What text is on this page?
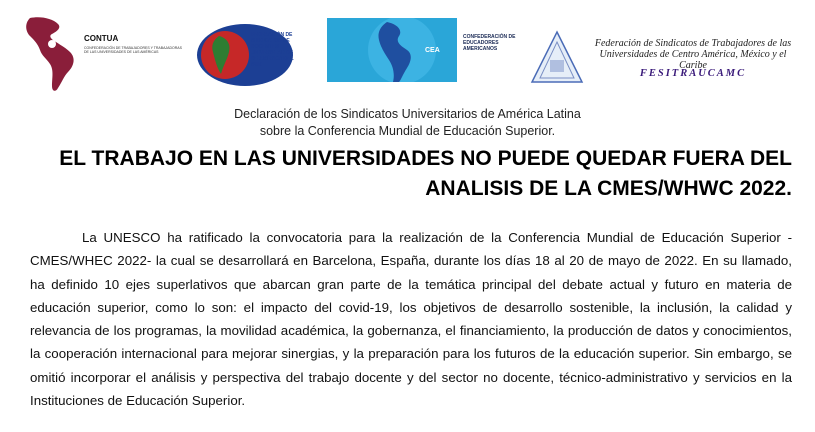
CONTUA
CONFEDERACIÓN DE TRABAJADORES Y TRABAJADORAS DE LAS UNIVERSIDADES DE LAS AMÉRICAS
FEDERACIÓN DE SINDICATOS DE DOCENTES UNIVERSITARIOS DE AMÉRICA DEL SUR
CEA
CONFEDERACIÓN DE EDUCADORES AMERICANOS	Federación de Sindicatos de Trabajadores de las Universidades de Centro América, México y el Caribe
FESITRAUCAMC
Declaración de los Sindicatos Universitarios de América Latina
sobre la Conferencia Mundial de Educación Superior.
EL TRABAJO EN LAS UNIVERSIDADES NO PUEDE QUEDAR FUERA DEL
ANALISIS DE LA CMES/WHWC 2022.
La UNESCO ha ratificado la convocatoria para la realización de la Conferencia Mundial de Educación Superior -CMES/WHEC 2022- la cual se desarrollará en Barcelona, España, durante los días 18 al 20 de mayo de 2022. En su llamado, ha definido 10 ejes superlativos que abarcan gran parte de la temática principal del debate actual y futuro en materia de educación superior, como lo son: el impacto del covid-19, los objetivos de desarrollo sostenible, la inclusión, la calidad y relevancia de los programas, la movilidad académica, la gobernanza, el financiamiento, la producción de datos y conocimientos, la cooperación internacional para mejorar sinergias, y la preparación para los futuros de la educación superior. Sin embargo, se omitió incorporar el análisis y perspectiva del trabajo docente y del sector no docente, técnico-administrativo y servicios en la Instituciones de Educación Superior.
